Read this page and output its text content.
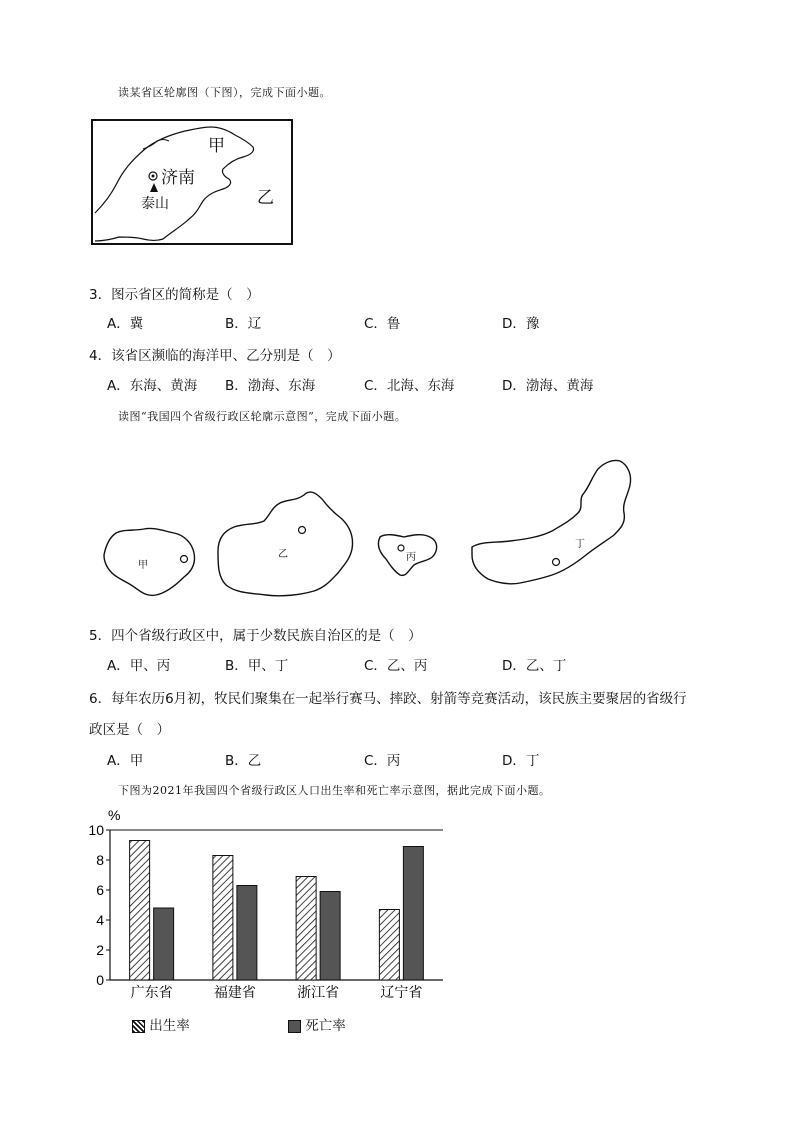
读某省区轮廓图（下图），完成下面小题。
甲
济南
泰山	乙
3．图示省区的简称是（　）
A．冀	B．辽	C．鲁	D．豫
4．该省区濒临的海洋甲、乙分别是（　）
A．东海、黄海 B．渤海、东海	C．北海、东海	D．渤海、黄海
读图“我国四个省级行政区轮廓示意图”，完成下面小题。
甲
乙	丙
丁
5．四个省级行政区中，属于少数民族自治区的是（　）
A．甲、丙	B．甲、丁	C．乙、丙	D．乙、丁
6．每年农历6月初，牧民们聚集在一起举行赛马、摔跤、射箭等竞赛活动，该民族主要聚居的省级行
政区是（　）
A．甲	B．乙	C．丙	D．丁
下图为2021年我国四个省级行政区人口出生率和死亡率示意图，据此完成下面小题。
%
0
2
4
6
8
10
广东省	福建省	浙江省	辽宁省
出生率	死亡率
